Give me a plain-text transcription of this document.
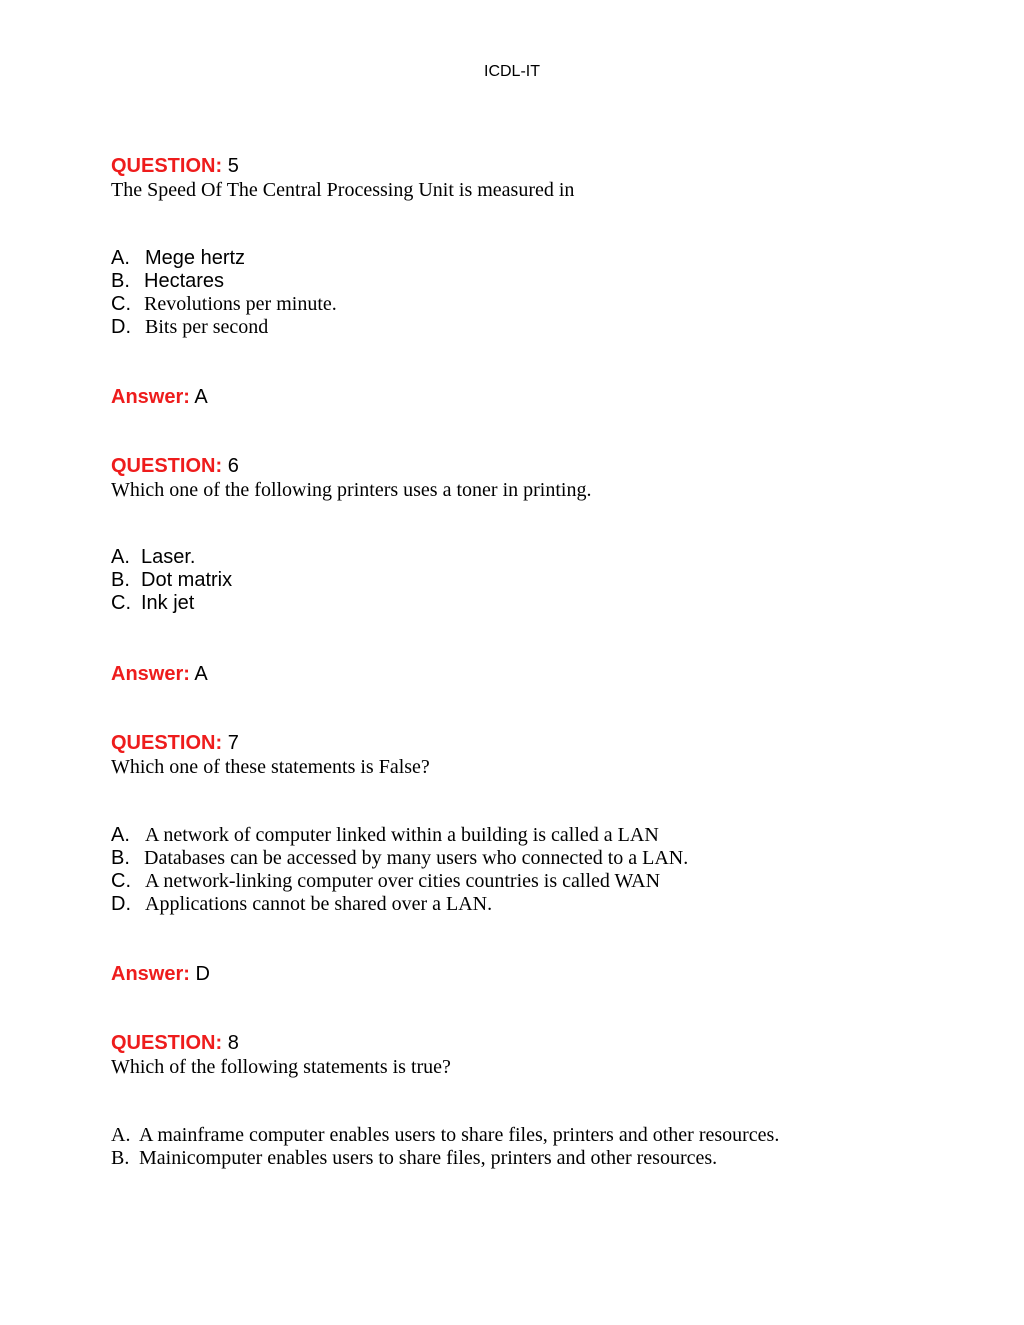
ICDL-IT
QUESTION: 5
The Speed Of The Central Processing Unit is measured in
A. Mege hertz
B. Hectares
C. Revolutions per minute.
D. Bits per second
Answer: A
QUESTION: 6
Which one of the following printers uses a toner in printing.
A. Laser.
B. Dot matrix
C. Ink jet
Answer: A
QUESTION: 7
Which one of these statements is False?
A. A network of computer linked within a building is called a LAN
B. Databases can be accessed by many users who connected to a LAN.
C. A network-linking computer over cities countries is called WAN
D. Applications cannot be shared over a LAN.
Answer: D
QUESTION: 8
Which of the following statements is true?
A. A mainframe computer enables users to share files, printers and other resources.
B. Mainicomputer enables users to share files, printers and other resources.
